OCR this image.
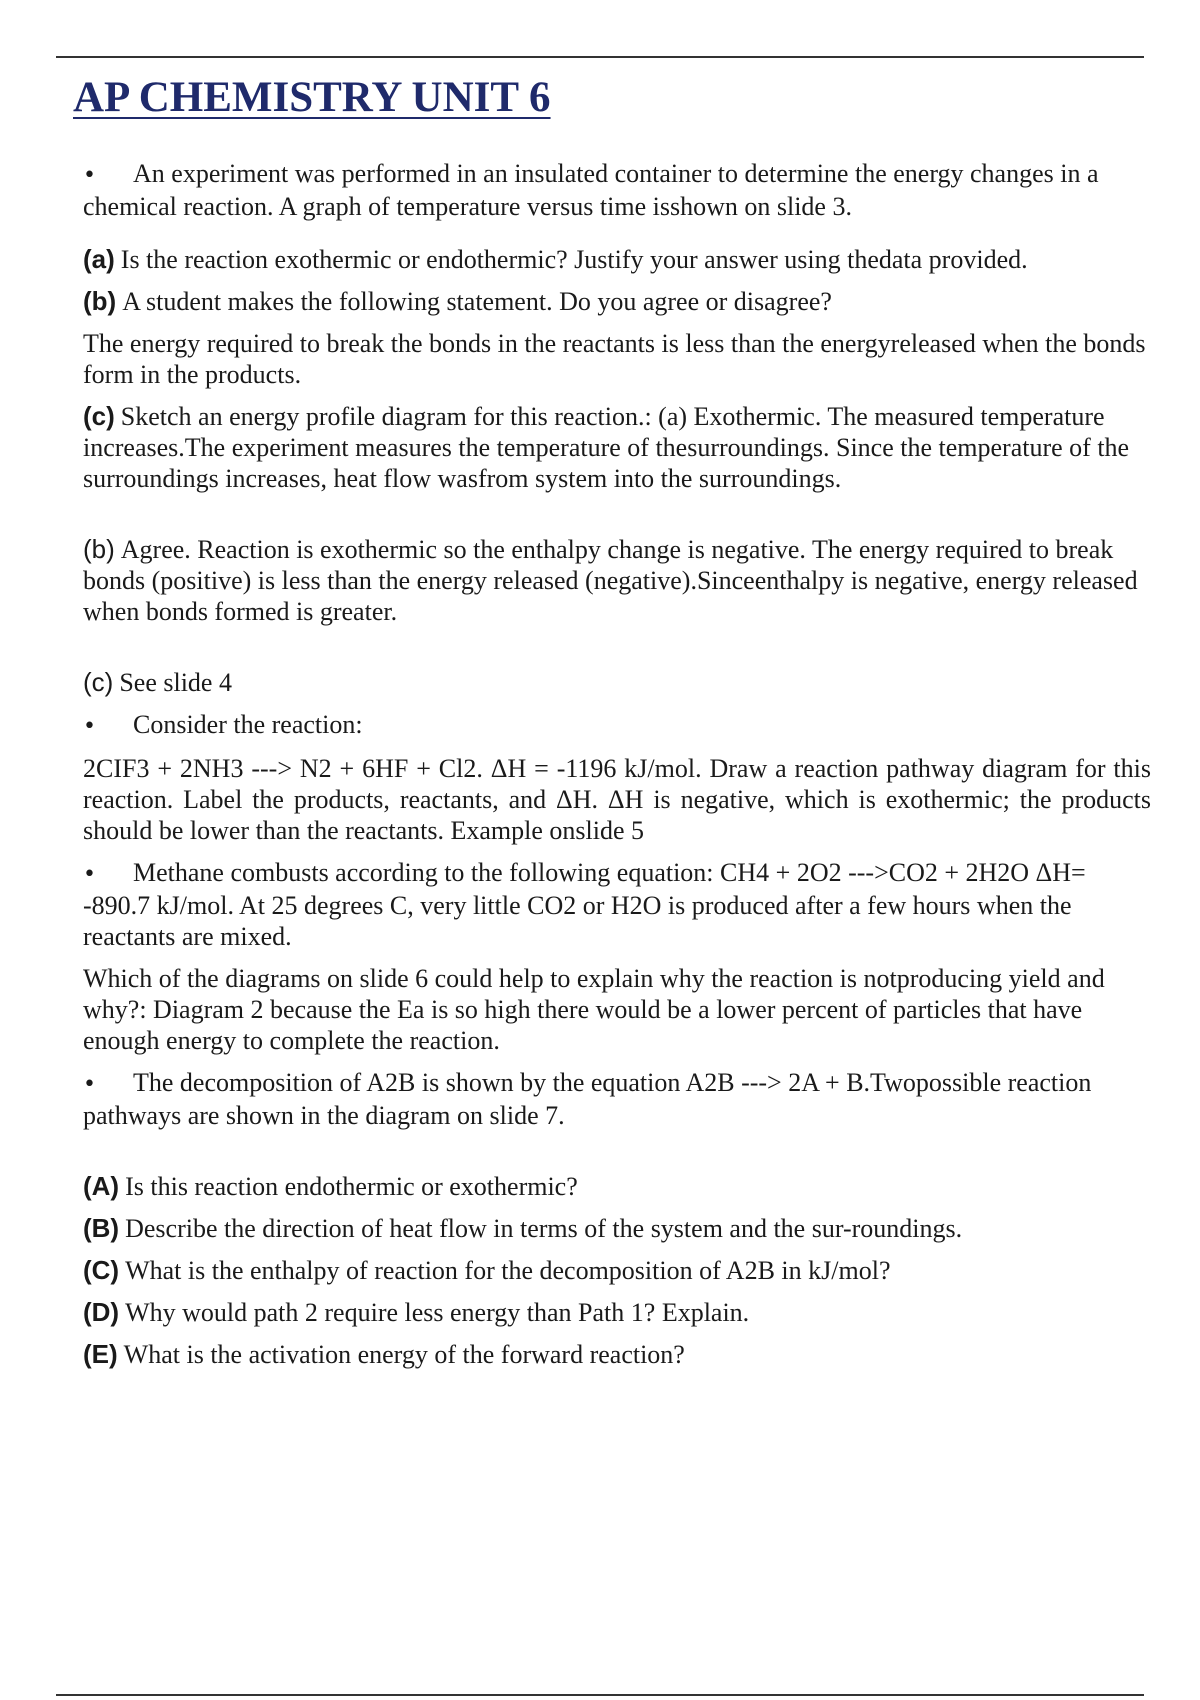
AP CHEMISTRY UNIT 6
• An experiment was performed in an insulated container to determine the energy changes in a chemical reaction. A graph of temperature versus time isshown on slide 3.
(a) Is the reaction exothermic or endothermic? Justify your answer using thedata provided.
(b) A student makes the following statement. Do you agree or disagree?
The energy required to break the bonds in the reactants is less than the energyreleased when the bonds form in the products.
(c) Sketch an energy profile diagram for this reaction.: (a) Exothermic. The measured temperature increases.The experiment measures the temperature of thesurroundings. Since the temperature of the surroundings increases, heat flow wasfrom system into the surroundings.
(b) Agree. Reaction is exothermic so the enthalpy change is negative. The energy required to break bonds (positive) is less than the energy released (negative).Sinceenthalpy is negative, energy released when bonds formed is greater.
(c) See slide 4
• Consider the reaction:
2CIF3 + 2NH3 ---> N2 + 6HF + Cl2. ΔH = -1196 kJ/mol. Draw a reaction pathway diagram for this reaction. Label the products, reactants, and ΔH. ΔH is negative, which is exothermic; the products should be lower than the reactants. Example onslide 5
• Methane combusts according to the following equation: CH4 + 2O2 --->CO2 + 2H2O ΔH= -890.7 kJ/mol. At 25 degrees C, very little CO2 or H2O is produced after a few hours when the reactants are mixed.
Which of the diagrams on slide 6 could help to explain why the reaction is notproducing yield and why?: Diagram 2 because the Ea is so high there would be a lower percent of particles that have enough energy to complete the reaction.
• The decomposition of A2B is shown by the equation A2B ---> 2A + B.Twopossible reaction pathways are shown in the diagram on slide 7.
(A) Is this reaction endothermic or exothermic?
(B) Describe the direction of heat flow in terms of the system and the sur-roundings.
(C) What is the enthalpy of reaction for the decomposition of A2B in kJ/mol?
(D) Why would path 2 require less energy than Path 1? Explain.
(E) What is the activation energy of the forward reaction?
